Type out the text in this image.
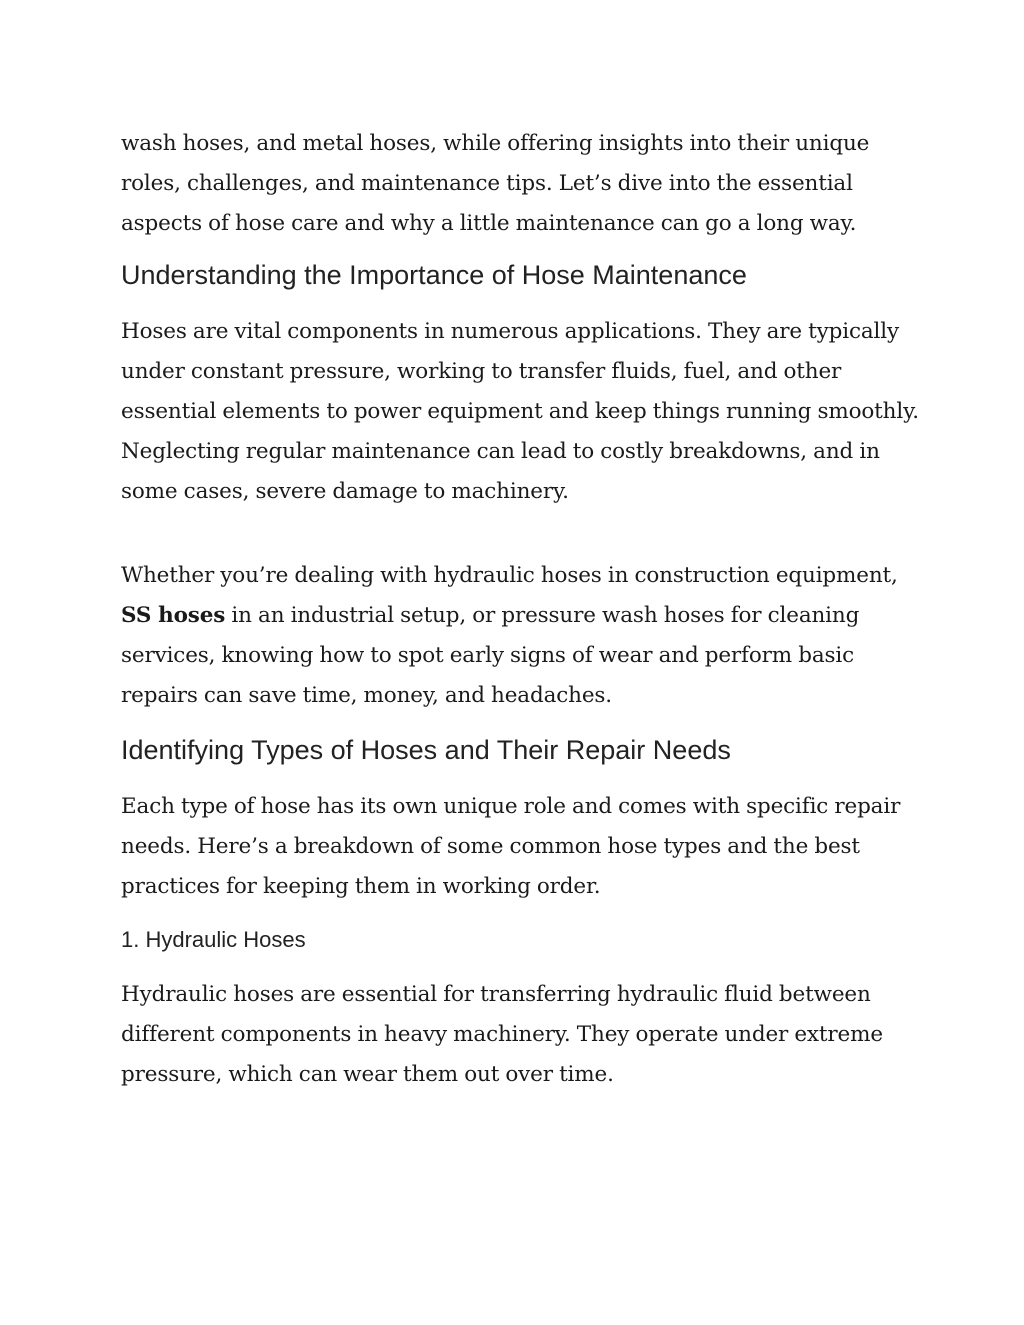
wash hoses, and metal hoses, while offering insights into their unique roles, challenges, and maintenance tips. Let’s dive into the essential aspects of hose care and why a little maintenance can go a long way.

Understanding the Importance of Hose Maintenance

Hoses are vital components in numerous applications. They are typically under constant pressure, working to transfer fluids, fuel, and other essential elements to power equipment and keep things running smoothly. Neglecting regular maintenance can lead to costly breakdowns, and in some cases, severe damage to machinery.

Whether you’re dealing with hydraulic hoses in construction equipment, SS hoses in an industrial setup, or pressure wash hoses for cleaning services, knowing how to spot early signs of wear and perform basic repairs can save time, money, and headaches.

Identifying Types of Hoses and Their Repair Needs

Each type of hose has its own unique role and comes with specific repair needs. Here’s a breakdown of some common hose types and the best practices for keeping them in working order.

1. Hydraulic Hoses

Hydraulic hoses are essential for transferring hydraulic fluid between different components in heavy machinery. They operate under extreme pressure, which can wear them out over time.
